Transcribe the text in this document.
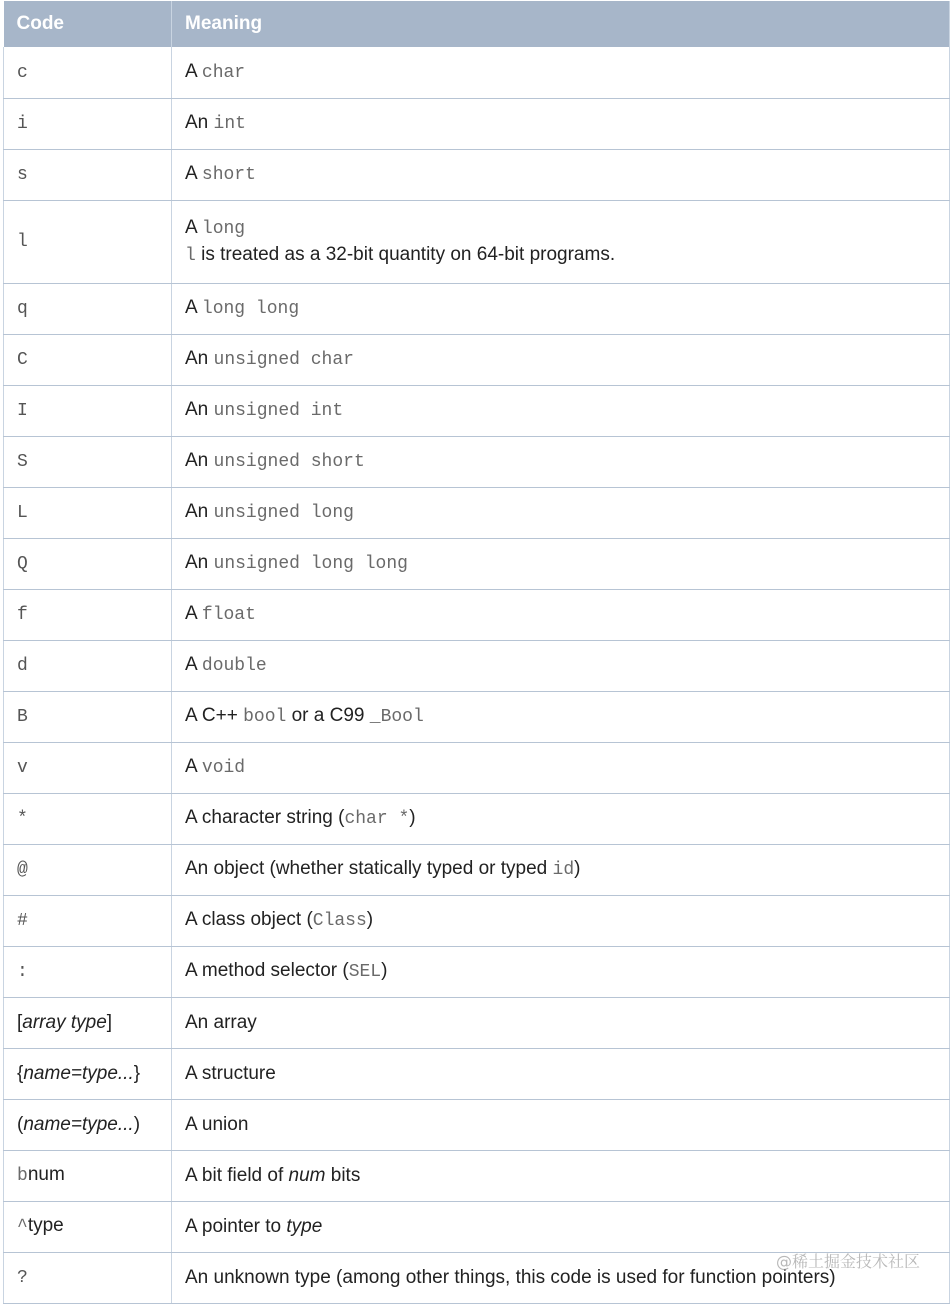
Code	Meaning
c	A char
i	An int
s	A short
l	A long
l is treated as a 32-bit quantity on 64-bit programs.

q	A long long
C	An unsigned char
I	An unsigned int
S	An unsigned short
L	An unsigned long
Q	An unsigned long long
f	A float
d	A double
B	A C++ bool or a C99 _Bool
v	A void
*	A character string (char *)
@	An object (whether statically typed or typed id)
#	A class object (Class)
:	A method selector (SEL)
[array type]	An array
{name=type...}	A structure
(name=type...)	A union
bnum	A bit field of num bits
^type	A pointer to type
?	An unknown type (among other things, this code is used for function pointers)
@稀土掘金技术社区
